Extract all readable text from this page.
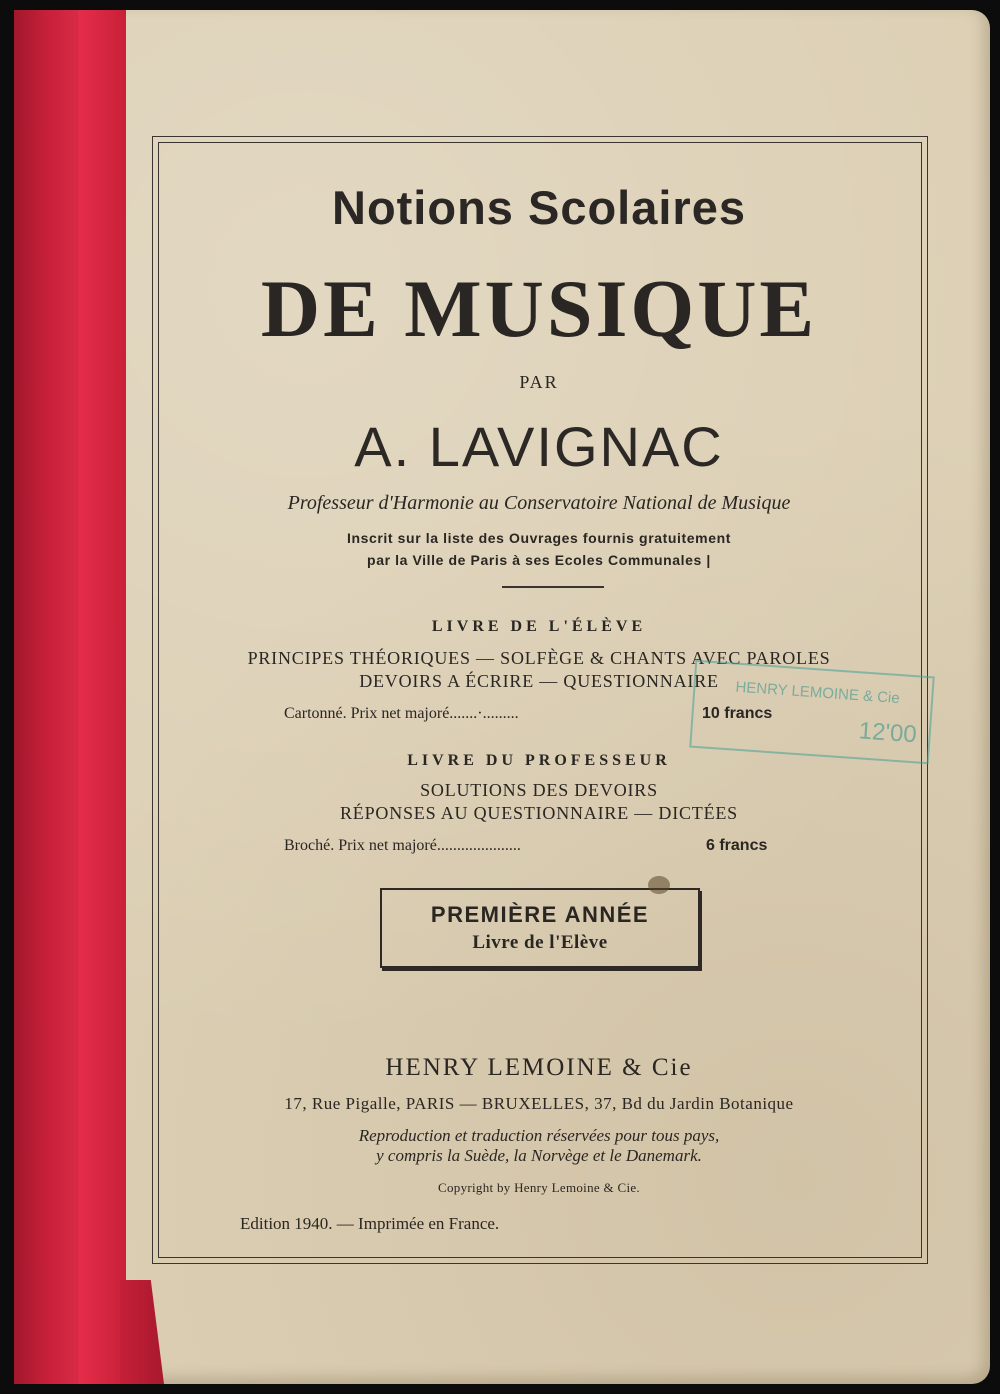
Notions Scolaires
DE MUSIQUE
PAR
A. LAVIGNAC
Professeur d'Harmonie au Conservatoire National de Musique
Inscrit sur la liste des Ouvrages fournis gratuitement
par la Ville de Paris à ses Ecoles Communales |
LIVRE DE L'ÉLÈVE
PRINCIPES THÉORIQUES — SOLFÈGE & CHANTS AVEC PAROLES
DEVOIRS A ÉCRIRE — QUESTIONNAIRE
Cartonné. Prix net majoré.......·.........	10 francs
HENRY LEMOINE & Cie
12'00
LIVRE DU PROFESSEUR
SOLUTIONS DES DEVOIRS
RÉPONSES AU QUESTIONNAIRE — DICTÉES
Broché. Prix net majoré.....................	6 francs
PREMIÈRE ANNÉE
Livre de l'Elève
HENRY LEMOINE & Cie
17, Rue Pigalle, PARIS — BRUXELLES, 37, Bd du Jardin Botanique
Reproduction et traduction réservées pour tous pays,
y compris la Suède, la Norvège et le Danemark.
Copyright by Henry Lemoine & Cie.
Edition 1940. — Imprimée en France.
